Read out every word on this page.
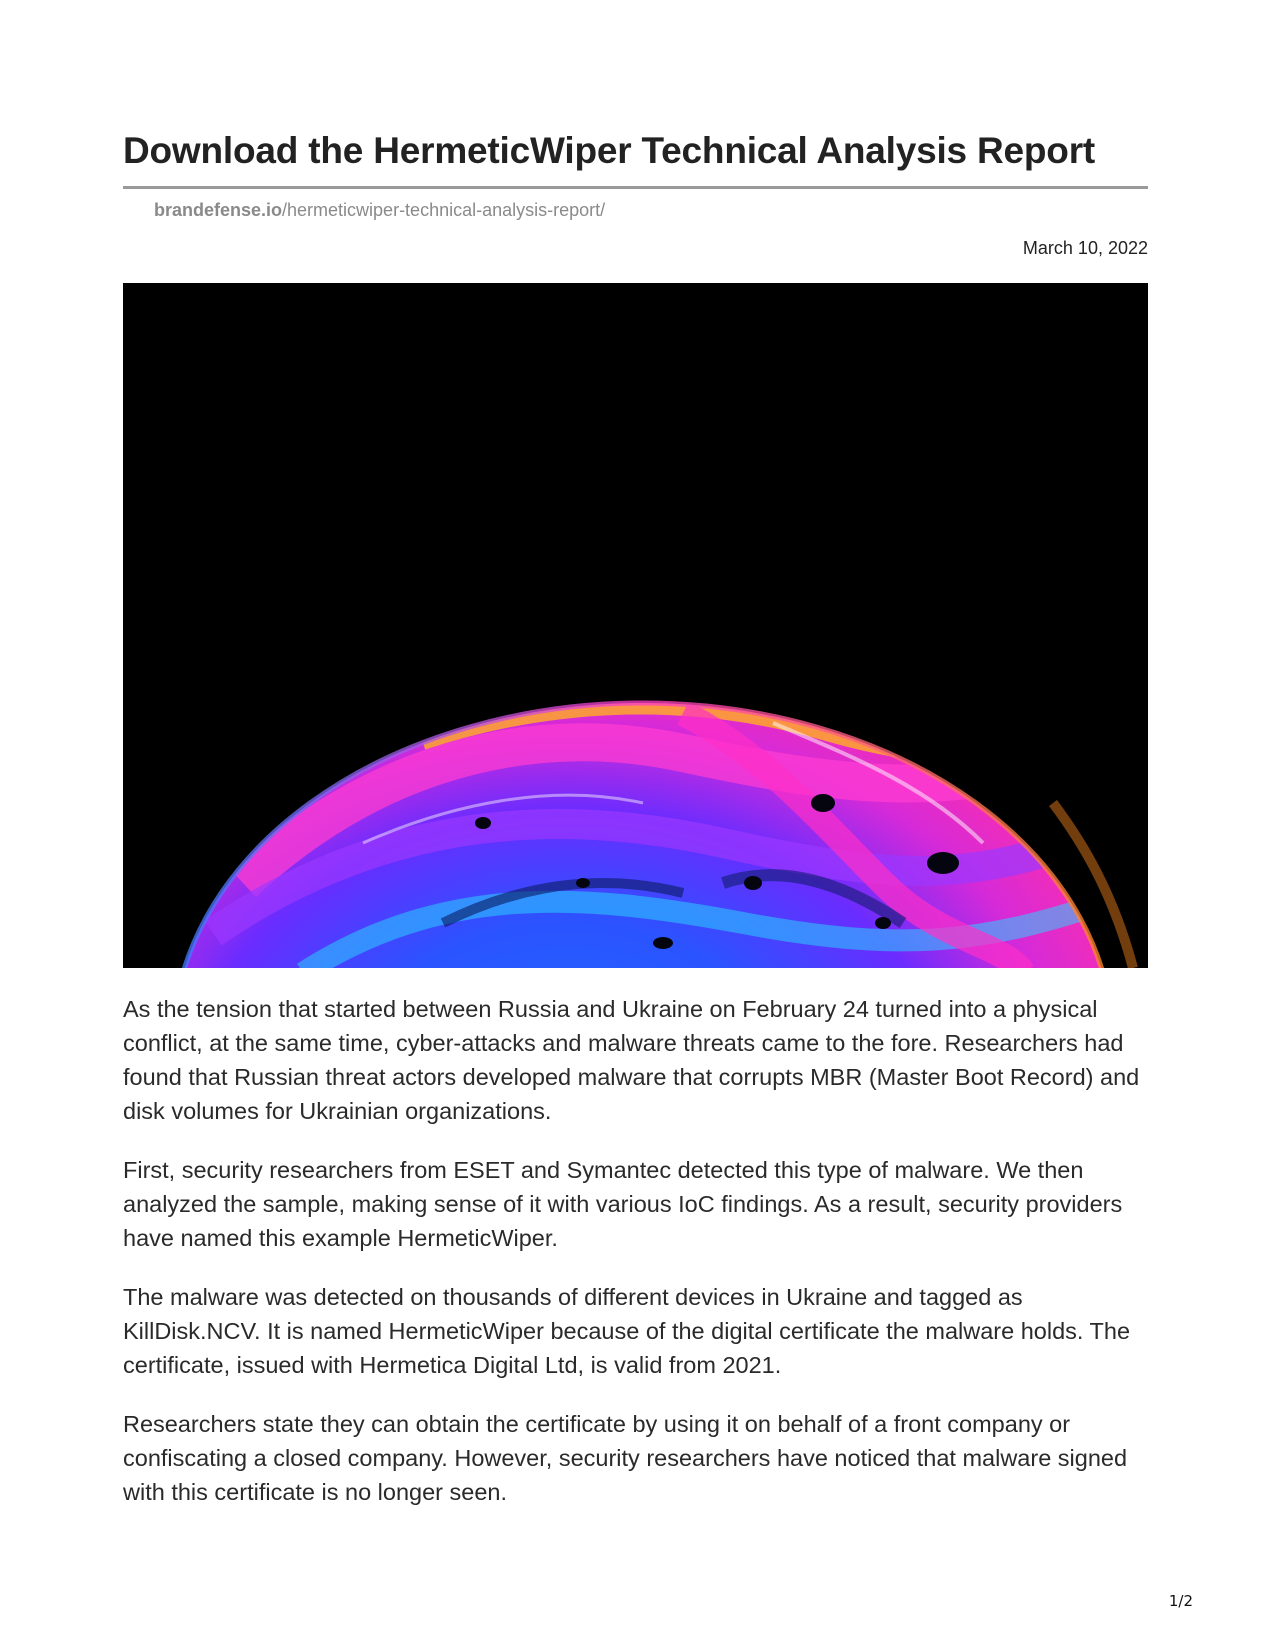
Download the HermeticWiper Technical Analysis Report
brandefense.io/hermeticwiper-technical-analysis-report/
March 10, 2022

As the tension that started between Russia and Ukraine on February 24 turned into a physical conflict, at the same time, cyber-attacks and malware threats came to the fore. Researchers had found that Russian threat actors developed malware that corrupts MBR (Master Boot Record) and disk volumes for Ukrainian organizations.

First, security researchers from ESET and Symantec detected this type of malware. We then analyzed the sample, making sense of it with various IoC findings. As a result, security providers have named this example HermeticWiper.

The malware was detected on thousands of different devices in Ukraine and tagged as KillDisk.NCV. It is named HermeticWiper because of the digital certificate the malware holds. The certificate, issued with Hermetica Digital Ltd, is valid from 2021.

Researchers state they can obtain the certificate by using it on behalf of a front company or confiscating a closed company. However, security researchers have noticed that malware signed with this certificate is no longer seen.

1/2
